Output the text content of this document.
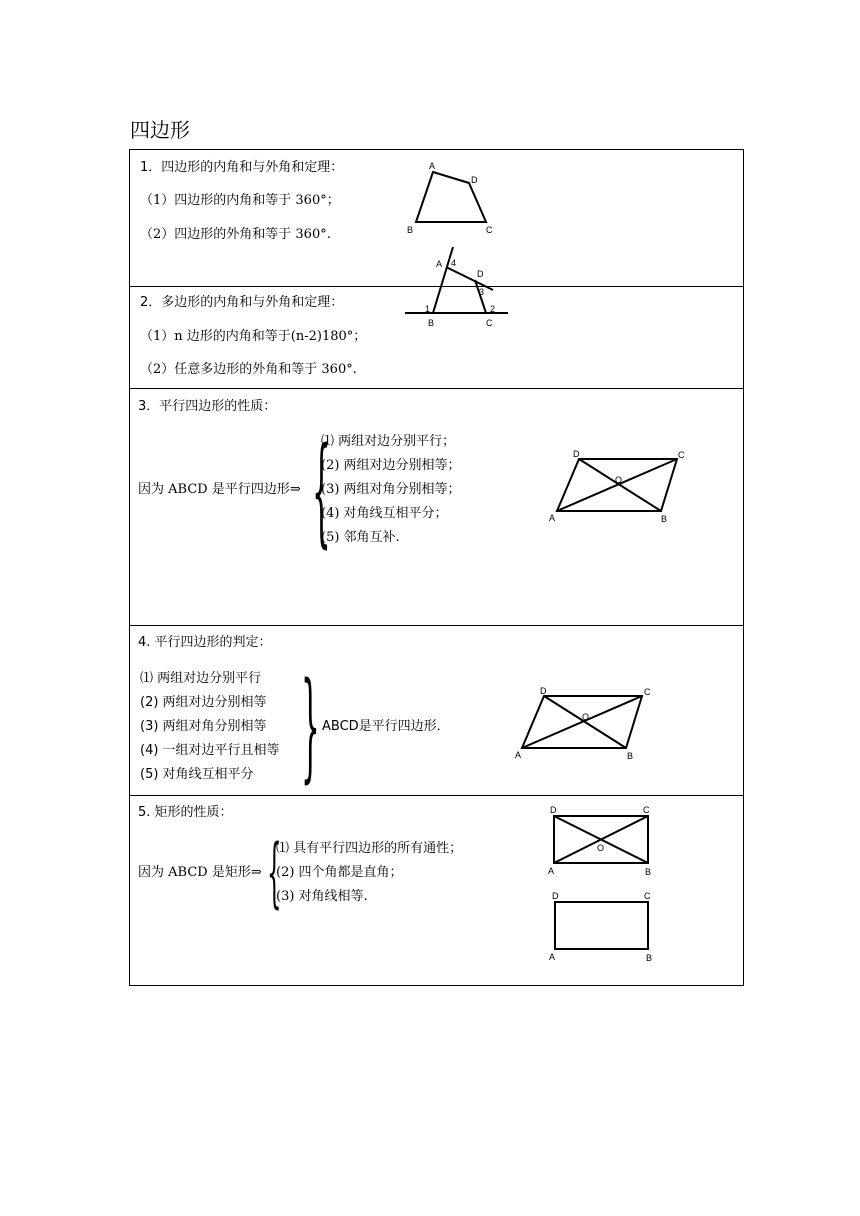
四边形
1．四边形的内角和与外角和定理：
（1）四边形的内角和等于 360°；
（2）四边形的外角和等于 360°.
2．多边形的内角和与外角和定理：
（1）n 边形的内角和等于(n-2)180°；
（2）任意多边形的外角和等于 360°.
3．平行四边形的性质：
因为 ABCD 是平行四边形⇒ {
⑴ 两组对边分别平行；
(2) 两组对边分别相等；
(3) 两组对角分别相等；
(4) 对角线互相平分；
(5) 邻角互补.
4. 平行四边形的判定：
⑴ 两组对边分别平行
(2) 两组对边分别相等
(3) 两组对角分别相等
(4) 一组对边平行且相等
(5) 对角线互相平分 } ABCD是平行四边形．
5. 矩形的性质：
因为 ABCD 是矩形⇒ {
⑴ 具有平行四边形的所有通性；
(2) 四个角都是直角；
(3) 对角线相等.
A
D
B	C
A 4
D
3
1	2
B	C
D	C
O
A	B
D	C
O
A	B
D	C
O
A	B
D	C
A	B
